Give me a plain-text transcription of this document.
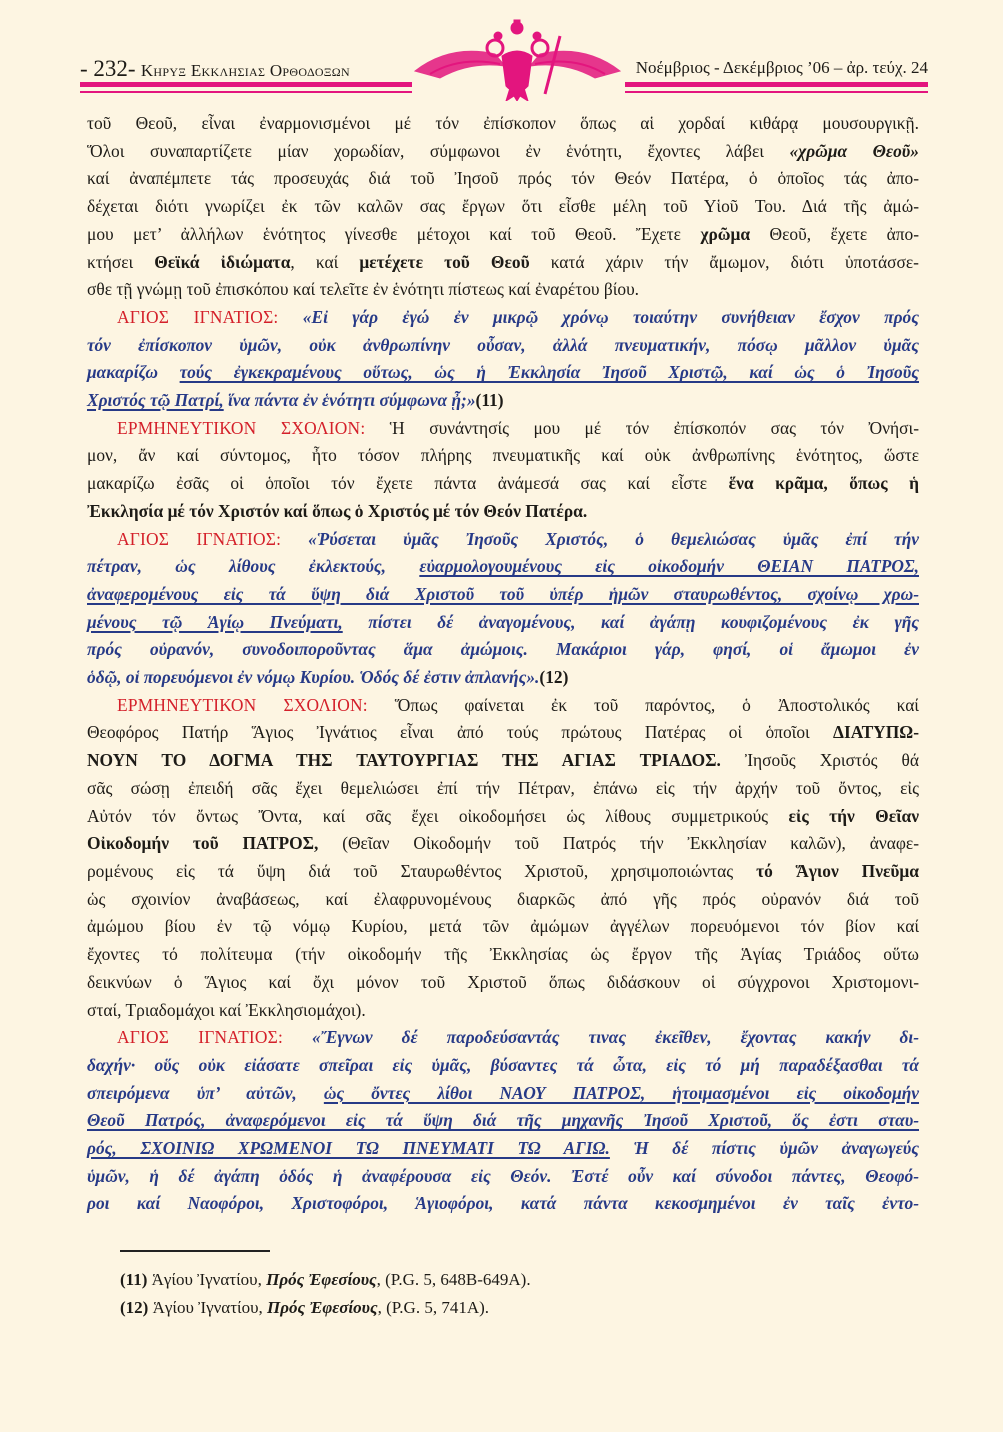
- 232- Κηρυξ Εκκλησιας Ορθοδοξων	Νοέμβριος - Δεκέμβριος ’06 – ἀρ. τεύχ. 24

τοῦ Θεοῦ, εἶναι ἐναρμονισμένοι μέ τόν ἐπίσκοπον ὅπως αἱ χορδαί κιθάρᾳ μουσουργικῇ.
Ὅλοι συναπαρτίζετε μίαν χορωδίαν, σύμφωνοι ἐν ἑνότητι, ἔχοντες λάβει «χρῶμα Θεοῦ»
καί ἀναπέμπετε τάς προσευχάς διά τοῦ Ἰησοῦ πρός τόν Θεόν Πατέρα, ὁ ὁποῖος τάς ἀπο-
δέχεται διότι γνωρίζει ἐκ τῶν καλῶν σας ἔργων ὅτι εἶσθε μέλη τοῦ Υἱοῦ Του. Διά τῆς ἀμώ-
μου μετ’ ἀλλήλων ἑνότητος γίνεσθε μέτοχοι καί τοῦ Θεοῦ. Ἔχετε χρῶμα Θεοῦ, ἔχετε ἀπο-
κτήσει Θεϊκά ἰδιώματα, καί μετέχετε τοῦ Θεοῦ κατά χάριν τήν ἄμωμον, διότι ὑποτάσσε-
σθε τῇ γνώμῃ τοῦ ἐπισκόπου καί τελεῖτε ἐν ἑνότητι πίστεως καί ἐναρέτου βίου.

ΑΓΙΟΣ ΙΓΝΑΤΙΟΣ: «Εἰ γάρ ἐγώ ἐν μικρῷ χρόνῳ τοιαύτην συνήθειαν ἔσχον πρός
τόν ἐπίσκοπον ὑμῶν, οὐκ ἀνθρωπίνην οὖσαν, ἀλλά πνευματικήν, πόσῳ μᾶλλον ὑμᾶς
μακαρίζω τούς ἐγκεκραμένους οὕτως, ὡς ἡ Ἐκκλησία Ἰησοῦ Χριστῷ, καί ὡς ὁ Ἰησοῦς
Χριστός τῷ Πατρί, ἵνα πάντα ἐν ἑνότητι σύμφωνα ᾖ;»(11)

ΕΡΜΗΝΕΥΤΙΚΟΝ ΣΧΟΛΙΟΝ: Ἡ συνάντησίς μου μέ τόν ἐπίσκοπόν σας τόν Ὀνήσι-
μον, ἄν καί σύντομος, ἦτο τόσον πλήρης πνευματικῆς καί οὐκ ἀνθρωπίνης ἑνότητος, ὥστε
μακαρίζω ἐσᾶς οἱ ὁποῖοι τόν ἔχετε πάντα ἀνάμεσά σας καί εἶστε ἕνα κρᾶμα, ὅπως ἡ
Ἐκκλησία μέ τόν Χριστόν καί ὅπως ὁ Χριστός μέ τόν Θεόν Πατέρα.

ΑΓΙΟΣ ΙΓΝΑΤΙΟΣ: «Ῥύσεται ὑμᾶς Ἰησοῦς Χριστός, ὁ θεμελιώσας ὑμᾶς ἐπί τήν
πέτραν, ὡς λίθους ἐκλεκτούς, εὐαρμολογουμένους εἰς οἰκοδομήν ΘΕΙΑΝ ΠΑΤΡΟΣ,
ἀναφερομένους εἰς τά ὕψη διά Χριστοῦ τοῦ ὑπέρ ἡμῶν σταυρωθέντος, σχοίνῳ χρω-
μένους τῷ Ἁγίῳ Πνεύματι, πίστει δέ ἀναγομένους, καί ἀγάπῃ κουφιζομένους ἐκ γῆς
πρός οὐρανόν, συνοδοιποροῦντας ἅμα ἀμώμοις. Μακάριοι γάρ, φησί, οἱ ἄμωμοι ἐν
ὁδῷ, οἱ πορευόμενοι ἐν νόμῳ Κυρίου. Ὁδός δέ ἐστιν ἀπλανής».(12)

ΕΡΜΗΝΕΥΤΙΚΟΝ ΣΧΟΛΙΟΝ: Ὅπως φαίνεται ἐκ τοῦ παρόντος, ὁ Ἀποστολικός καί
Θεοφόρος Πατήρ Ἅγιος Ἰγνάτιος εἶναι ἀπό τούς πρώτους Πατέρας οἱ ὁποῖοι ΔΙΑΤΥΠΩ-
ΝΟΥΝ ΤΟ ΔΟΓΜΑ ΤΗΣ ΤΑΥΤΟΥΡΓΙΑΣ ΤΗΣ ΑΓΙΑΣ ΤΡΙΑΔΟΣ. Ἰησοῦς Χριστός θά
σᾶς σώσῃ ἐπειδή σᾶς ἔχει θεμελιώσει ἐπί τήν Πέτραν, ἐπάνω εἰς τήν ἀρχήν τοῦ ὄντος, εἰς
Αὐτόν τόν ὄντως Ὄντα, καί σᾶς ἔχει οἰκοδομήσει ὡς λίθους συμμετρικούς εἰς τήν Θεῖαν
Οἰκοδομήν τοῦ ΠΑΤΡΟΣ, (Θεῖαν Οἰκοδομήν τοῦ Πατρός τήν Ἐκκλησίαν καλῶν), ἀναφε-
ρομένους εἰς τά ὕψη διά τοῦ Σταυρωθέντος Χριστοῦ, χρησιμοποιώντας τό Ἅγιον Πνεῦμα
ὡς σχοινίον ἀναβάσεως, καί ἐλαφρυνομένους διαρκῶς ἀπό γῆς πρός οὐρανόν διά τοῦ
ἀμώμου βίου ἐν τῷ νόμῳ Κυρίου, μετά τῶν ἀμώμων ἀγγέλων πορευόμενοι τόν βίον καί
ἔχοντες τό πολίτευμα (τήν οἰκοδομήν τῆς Ἐκκλησίας ὡς ἔργον τῆς Ἁγίας Τριάδος οὕτω
δεικνύων ὁ Ἅγιος καί ὄχι μόνον τοῦ Χριστοῦ ὅπως διδάσκουν οἱ σύγχρονοι Χριστομονι-
σταί, Τριαδομάχοι καί Ἐκκλησιομάχοι).

ΑΓΙΟΣ ΙΓΝΑΤΙΟΣ: «Ἔγνων δέ παροδεύσαντάς τινας ἐκεῖθεν, ἔχοντας κακήν δι-
δαχήν· οὕς οὐκ εἰάσατε σπεῖραι εἰς ὑμᾶς, βύσαντες τά ὦτα, εἰς τό μή παραδέξασθαι τά
σπειρόμενα ὑπ’ αὐτῶν, ὡς ὄντες λίθοι ΝΑΟΥ ΠΑΤΡΟΣ, ἡτοιμασμένοι εἰς οἰκοδομήν
Θεοῦ Πατρός, ἀναφερόμενοι εἰς τά ὕψη διά τῆς μηχανῆς Ἰησοῦ Χριστοῦ, ὅς ἐστι σταυ-
ρός, ΣΧΟΙΝΙΩ ΧΡΩΜΕΝΟΙ ΤΩ ΠΝΕΥΜΑΤΙ ΤΩ ΑΓΙΩ. Ἡ δέ πίστις ὑμῶν ἀναγωγεύς
ὑμῶν, ἡ δέ ἀγάπη ὁδός ἡ ἀναφέρουσα εἰς Θεόν. Ἐστέ οὖν καί σύνοδοι πάντες, Θεοφό-
ροι καί Ναοφόροι, Χριστοφόροι, Ἁγιοφόροι, κατά πάντα κεκοσμημένοι ἐν ταῖς ἐντο-

(11) Ἁγίου Ἰγνατίου, Πρός Ἐφεσίους, (P.G. 5, 648B-649A).
(12) Ἁγίου Ἰγνατίου, Πρός Ἐφεσίους, (P.G. 5, 741A).
